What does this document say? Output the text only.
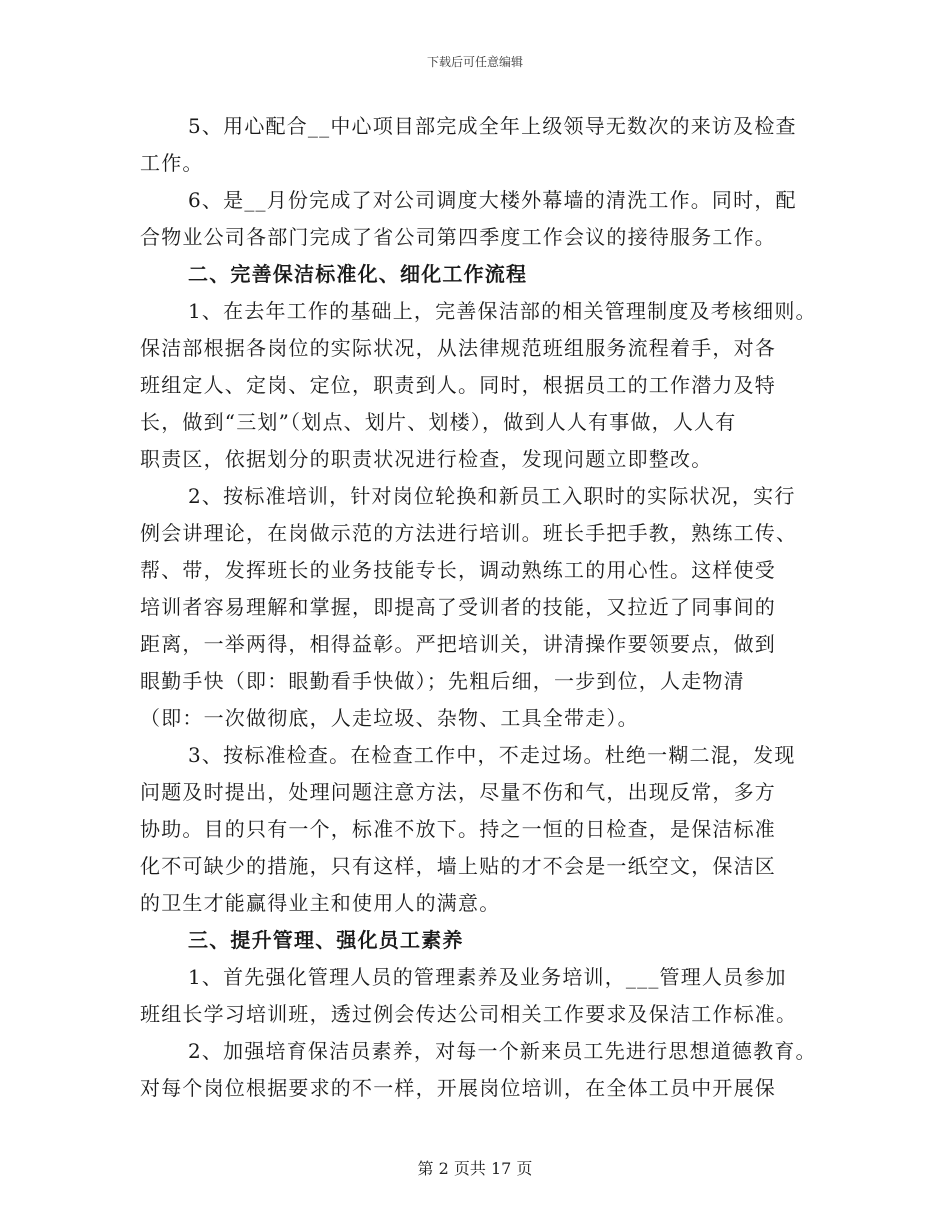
下载后可任意编辑
5、用心配合__中心项目部完成全年上级领导无数次的来访及检查
工作。
6、是__月份完成了对公司调度大楼外幕墙的清洗工作。同时，配
合物业公司各部门完成了省公司第四季度工作会议的接待服务工作。
二、完善保洁标准化、细化工作流程
1、在去年工作的基础上，完善保洁部的相关管理制度及考核细则。
保洁部根据各岗位的实际状况，从法律规范班组服务流程着手，对各
班组定人、定岗、定位，职责到人。同时，根据员工的工作潜力及特
长，做到“三划”（划点、划片、划楼），做到人人有事做，人人有
职责区，依据划分的职责状况进行检查，发现问题立即整改。
2、按标准培训，针对岗位轮换和新员工入职时的实际状况，实行
例会讲理论，在岗做示范的方法进行培训。班长手把手教，熟练工传、
帮、带，发挥班长的业务技能专长，调动熟练工的用心性。这样使受
培训者容易理解和掌握，即提高了受训者的技能，又拉近了同事间的
距离，一举两得，相得益彰。严把培训关，讲清操作要领要点，做到
眼勤手快（即：眼勤看手快做）；先粗后细，一步到位，人走物清
（即：一次做彻底，人走垃圾、杂物、工具全带走）。
3、按标准检查。在检查工作中，不走过场。杜绝一糊二混，发现
问题及时提出，处理问题注意方法，尽量不伤和气，出现反常，多方
协助。目的只有一个，标准不放下。持之一恒的日检查，是保洁标准
化不可缺少的措施，只有这样，墙上贴的才不会是一纸空文，保洁区
的卫生才能赢得业主和使用人的满意。
三、提升管理、强化员工素养
1、首先强化管理人员的管理素养及业务培训，___管理人员参加
班组长学习培训班，透过例会传达公司相关工作要求及保洁工作标准。
2、加强培育保洁员素养，对每一个新来员工先进行思想道德教育。
对每个岗位根据要求的不一样，开展岗位培训，在全体工员中开展保
第 2 页共 17 页
